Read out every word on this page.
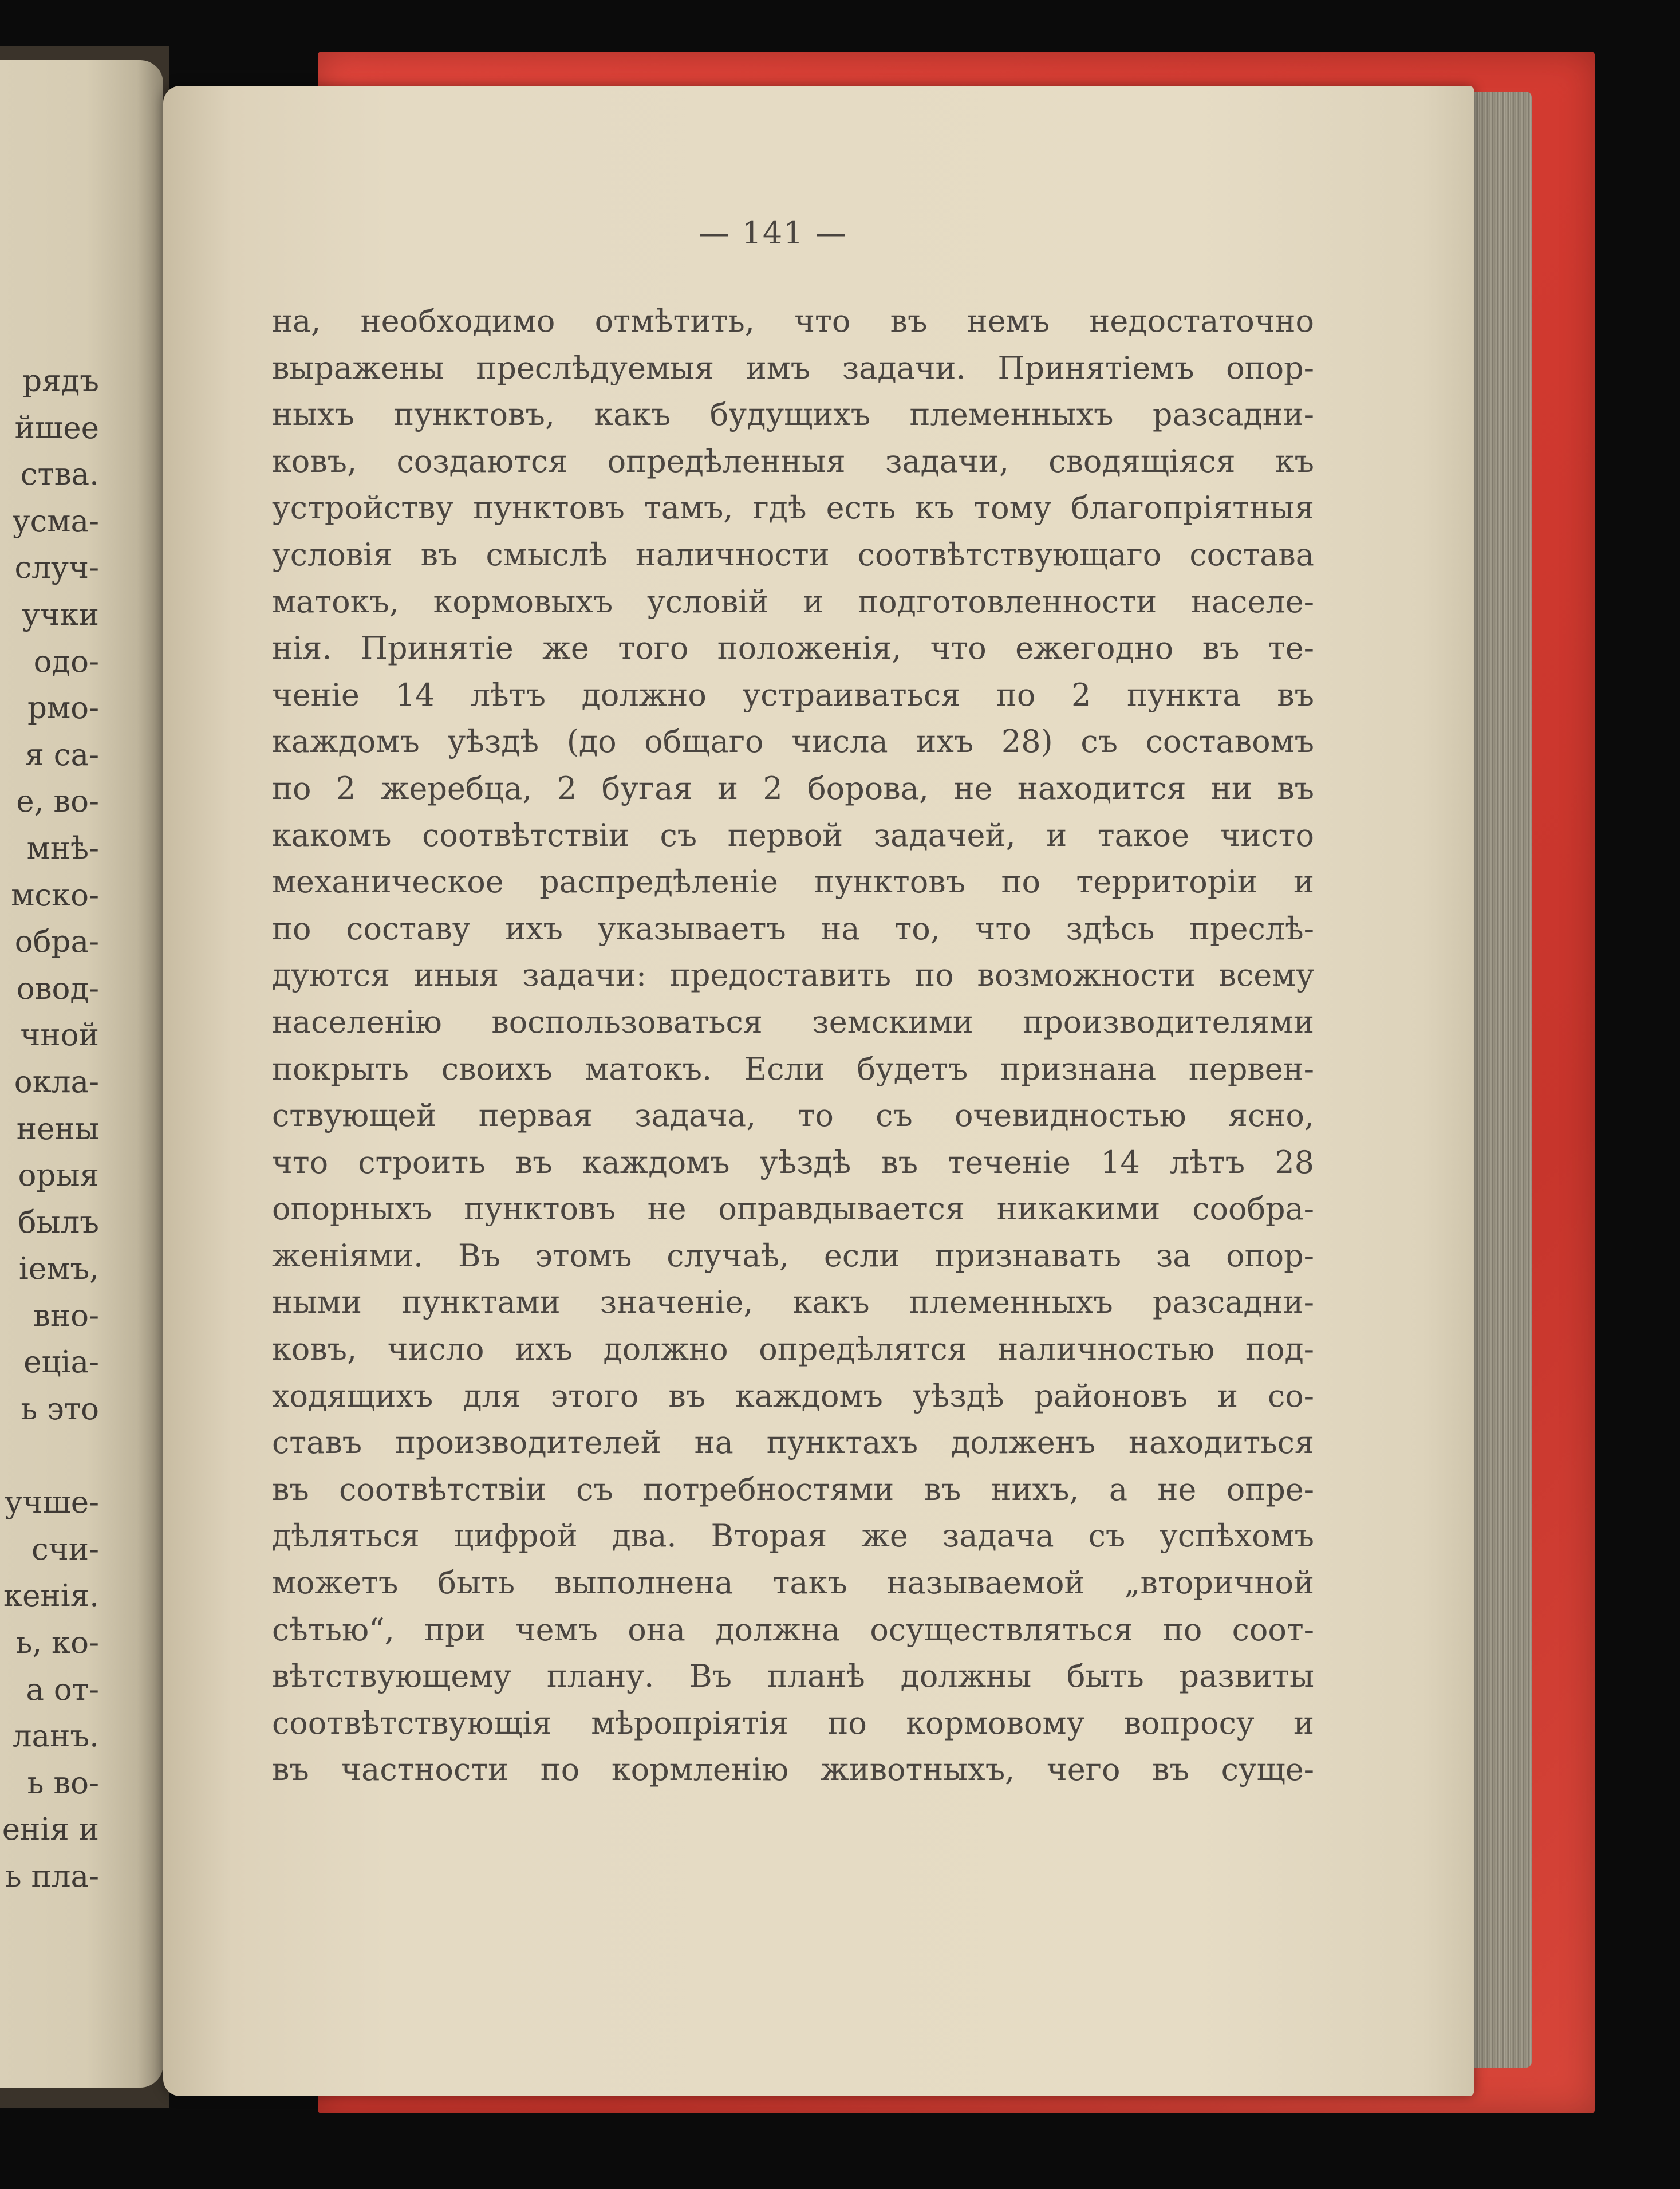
рядъ
йшее
ства.
усма-
случ-
учки
одо-
рмо-
я са-
е, во-
мнѣ-
мско-
обра-
овод-
чной
окла-
нены
орыя
былъ
іемъ,
вно-
еціа-
ь это
учше-
счи-
кенія.
ь, ко-
а от-
ланъ.
ь во-
енія и
ь пла-
— 141 —
на, необходимо отмѣтить, что въ немъ недостаточно
выражены преслѣдуемыя имъ задачи. Принятіемъ опор-
ныхъ пунктовъ, какъ будущихъ племенныхъ разсадни-
ковъ, создаются опредѣленныя задачи, сводящіяся къ
устройству пунктовъ тамъ, гдѣ есть къ тому благопріятныя
условія въ смыслѣ наличности соотвѣтствующаго состава
матокъ, кормовыхъ условій и подготовленности населе-
нія. Принятіе же того положенія, что ежегодно въ те-
ченіе 14 лѣтъ должно устраиваться по 2 пункта въ
каждомъ уѣздѣ (до общаго числа ихъ 28) съ составомъ
по 2 жеребца, 2 бугая и 2 борова, не находится ни въ
какомъ соотвѣтствіи съ первой задачей, и такое чисто
механическое распредѣленіе пунктовъ по территоріи и
по составу ихъ указываетъ на то, что здѣсь преслѣ-
дуются иныя задачи: предоставить по возможности всему
населенію воспользоваться земскими производителями
покрыть своихъ матокъ. Если будетъ признана первен-
ствующей первая задача, то съ очевидностью ясно,
что строить въ каждомъ уѣздѣ въ теченіе 14 лѣтъ 28
опорныхъ пунктовъ не оправдывается никакими сообра-
женіями. Въ этомъ случаѣ, если признавать за опор-
ными пунктами значеніе, какъ племенныхъ разсадни-
ковъ, число ихъ должно опредѣлятся наличностью под-
ходящихъ для этого въ каждомъ уѣздѣ районовъ и со-
ставъ производителей на пунктахъ долженъ находиться
въ соотвѣтствіи съ потребностями въ нихъ, а не опре-
дѣляться цифрой два. Вторая же задача съ успѣхомъ
можетъ быть выполнена такъ называемой „вторичной
сѣтью“, при чемъ она должна осуществляться по соот-
вѣтствующему плану. Въ планѣ должны быть развиты
соотвѣтствующія мѣропріятія по кормовому вопросу и
въ частности по кормленію животныхъ, чего въ суще-
